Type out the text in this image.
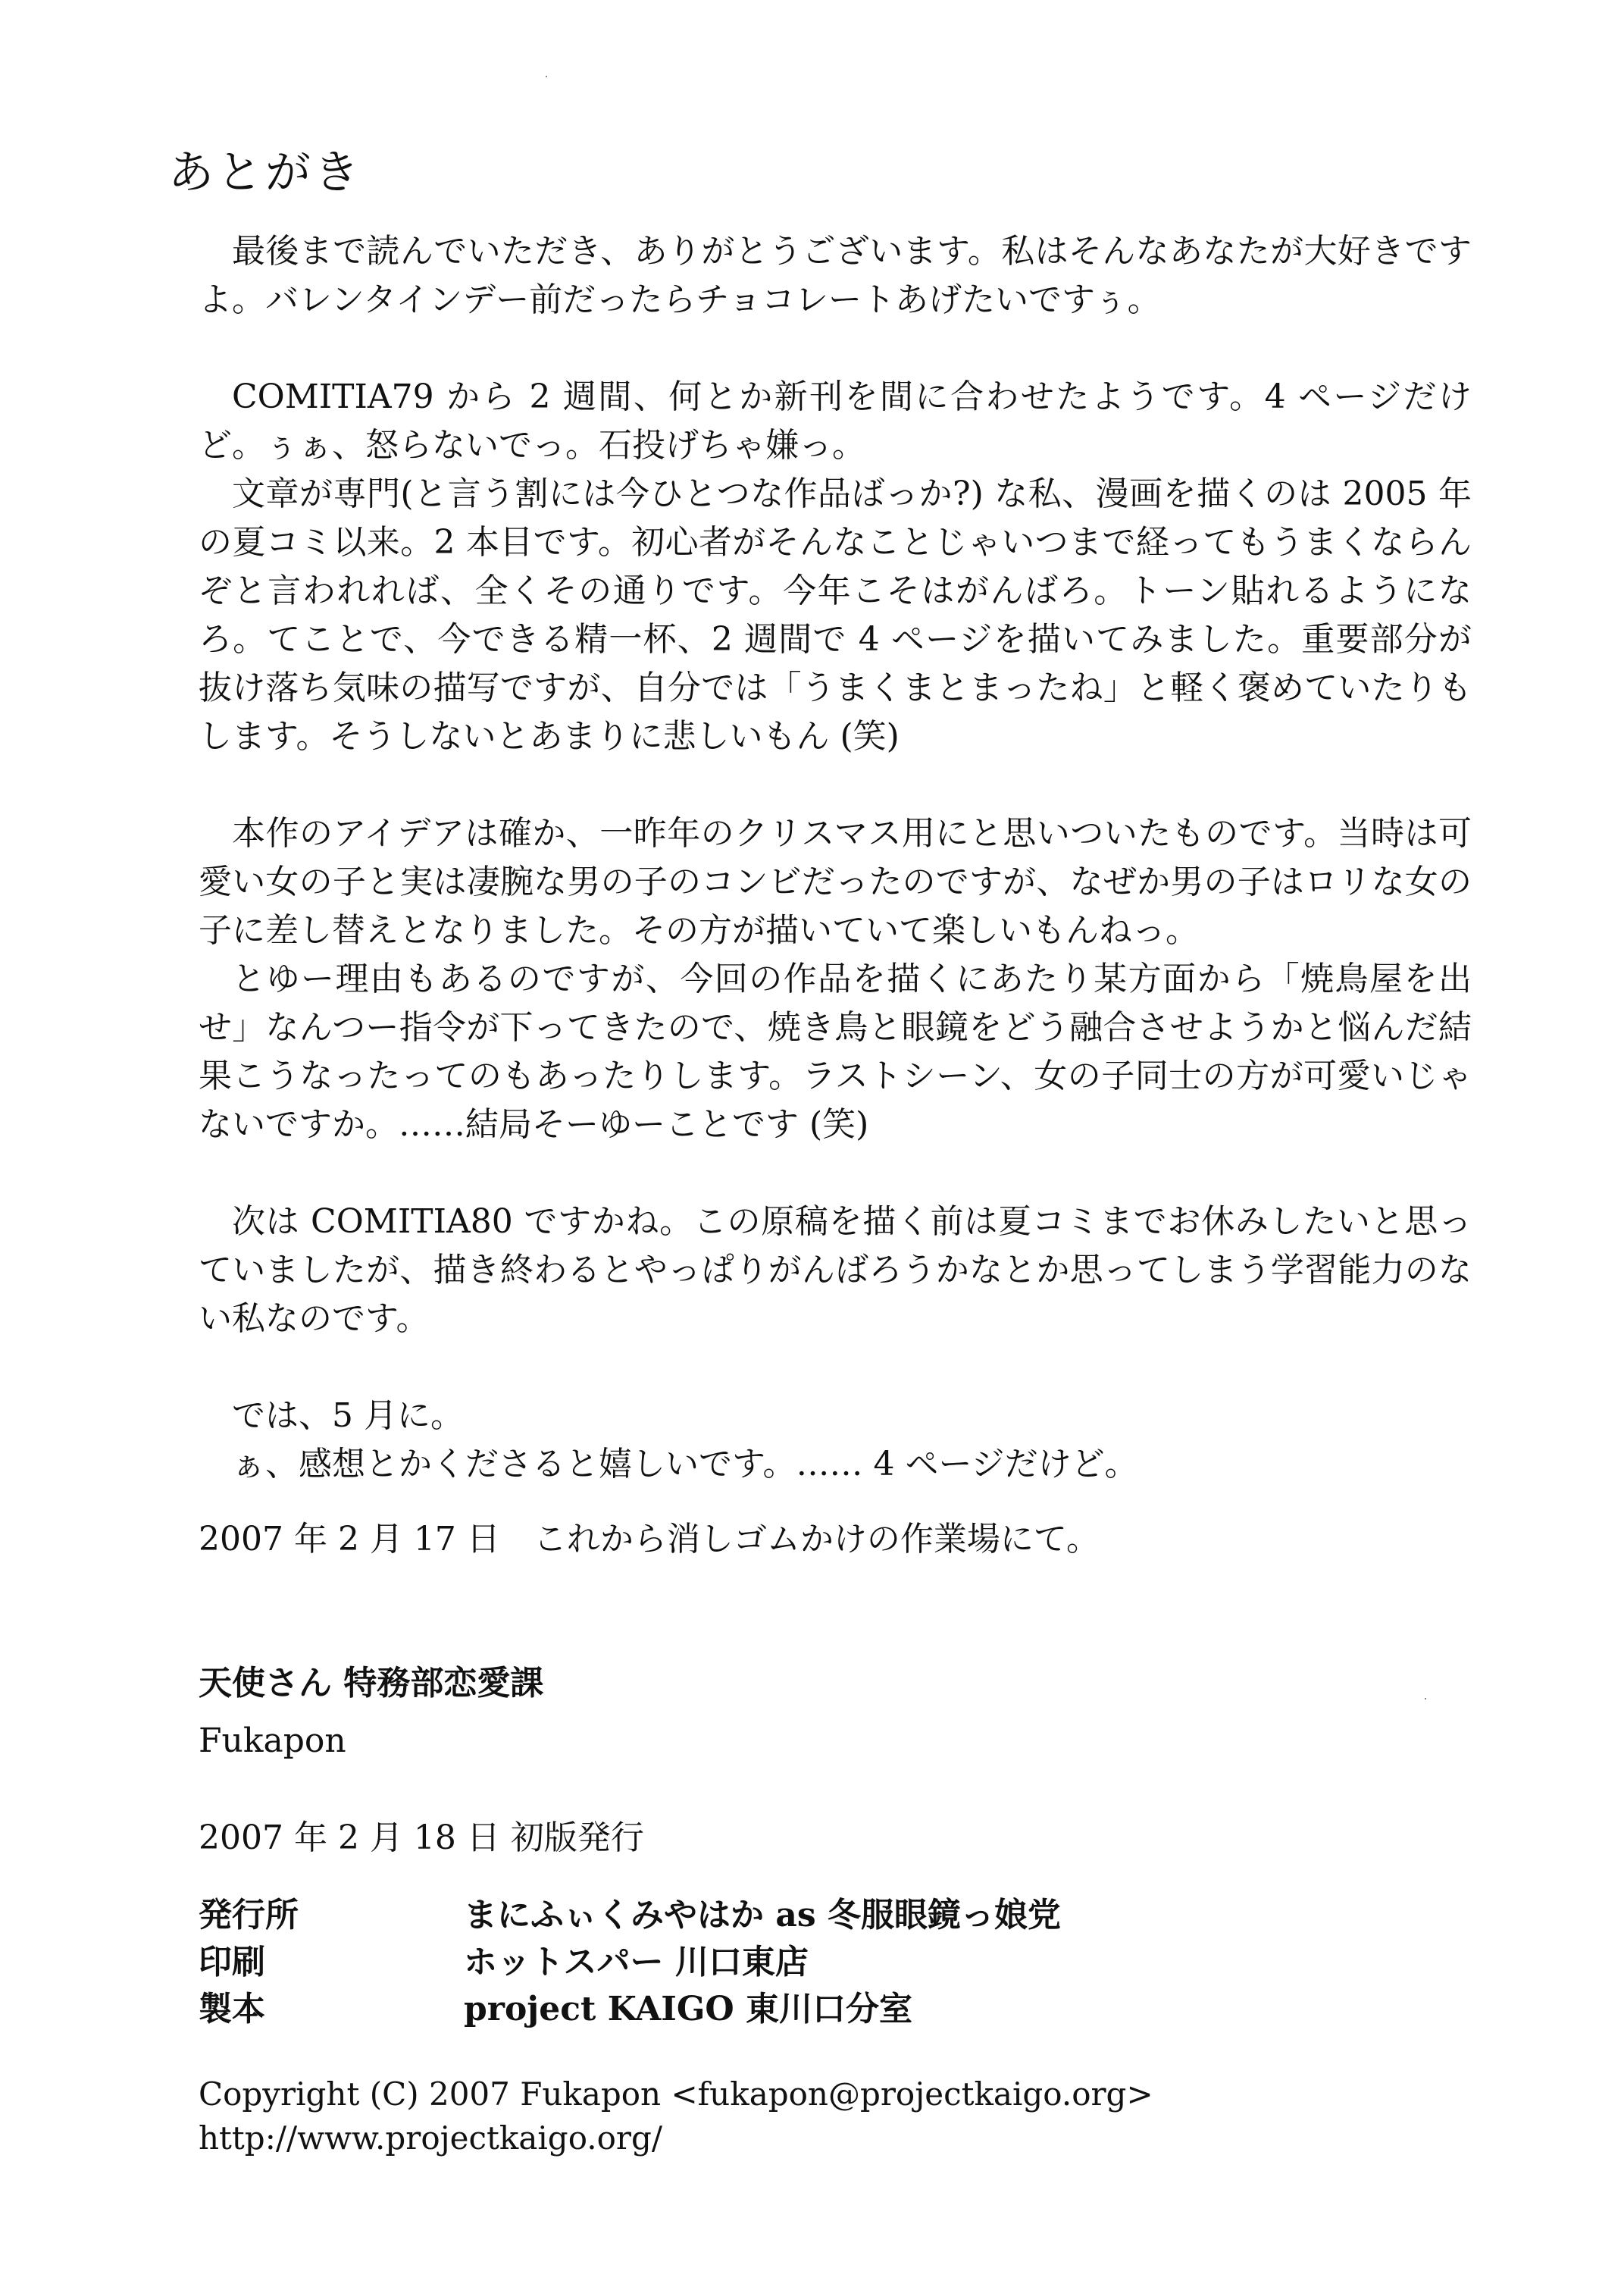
あとがき

最後まで読んでいただき、ありがとうございます。私はそんなあなたが大好きですよ。バレンタインデー前だったらチョコレートあげたいですぅ。

COMITIA79 から 2 週間、何とか新刊を間に合わせたようです。4 ページだけど。ぅぁ、怒らないでっ。石投げちゃ嫌っ。

文章が専門(と言う割には今ひとつな作品ばっか?) な私、漫画を描くのは 2005 年の夏コミ以来。2 本目です。初心者がそんなことじゃいつまで経ってもうまくならんぞと言われれば、全くその通りです。今年こそはがんばろ。トーン貼れるようになろ。てことで、今できる精一杯、2 週間で 4 ページを描いてみました。重要部分が抜け落ち気味の描写ですが、自分では「うまくまとまったね」と軽く褒めていたりもします。そうしないとあまりに悲しいもん (笑)

本作のアイデアは確か、一昨年のクリスマス用にと思いついたものです。当時は可愛い女の子と実は凄腕な男の子のコンビだったのですが、なぜか男の子はロリな女の子に差し替えとなりました。その方が描いていて楽しいもんねっ。

とゆー理由もあるのですが、今回の作品を描くにあたり某方面から「焼鳥屋を出せ」なんつー指令が下ってきたので、焼き鳥と眼鏡をどう融合させようかと悩んだ結果こうなったってのもあったりします。ラストシーン、女の子同士の方が可愛いじゃないですか。……結局そーゆーことです (笑)

次は COMITIA80 ですかね。この原稿を描く前は夏コミまでお休みしたいと思っていましたが、描き終わるとやっぱりがんばろうかなとか思ってしまう学習能力のない私なのです。

では、5 月に。

ぁ、感想とかくださると嬉しいです。…… 4 ページだけど。

2007 年 2 月 17 日　これから消しゴムかけの作業場にて。

天使さん 特務部恋愛課

Fukapon

2007 年 2 月 18 日 初版発行

発行所	まにふぃくみやはか as 冬服眼鏡っ娘党
印刷	ホットスパー 川口東店
製本	project KAIGO 東川口分室

Copyright (C) 2007 Fukapon <fukapon@projectkaigo.org>

http://www.projectkaigo.org/
